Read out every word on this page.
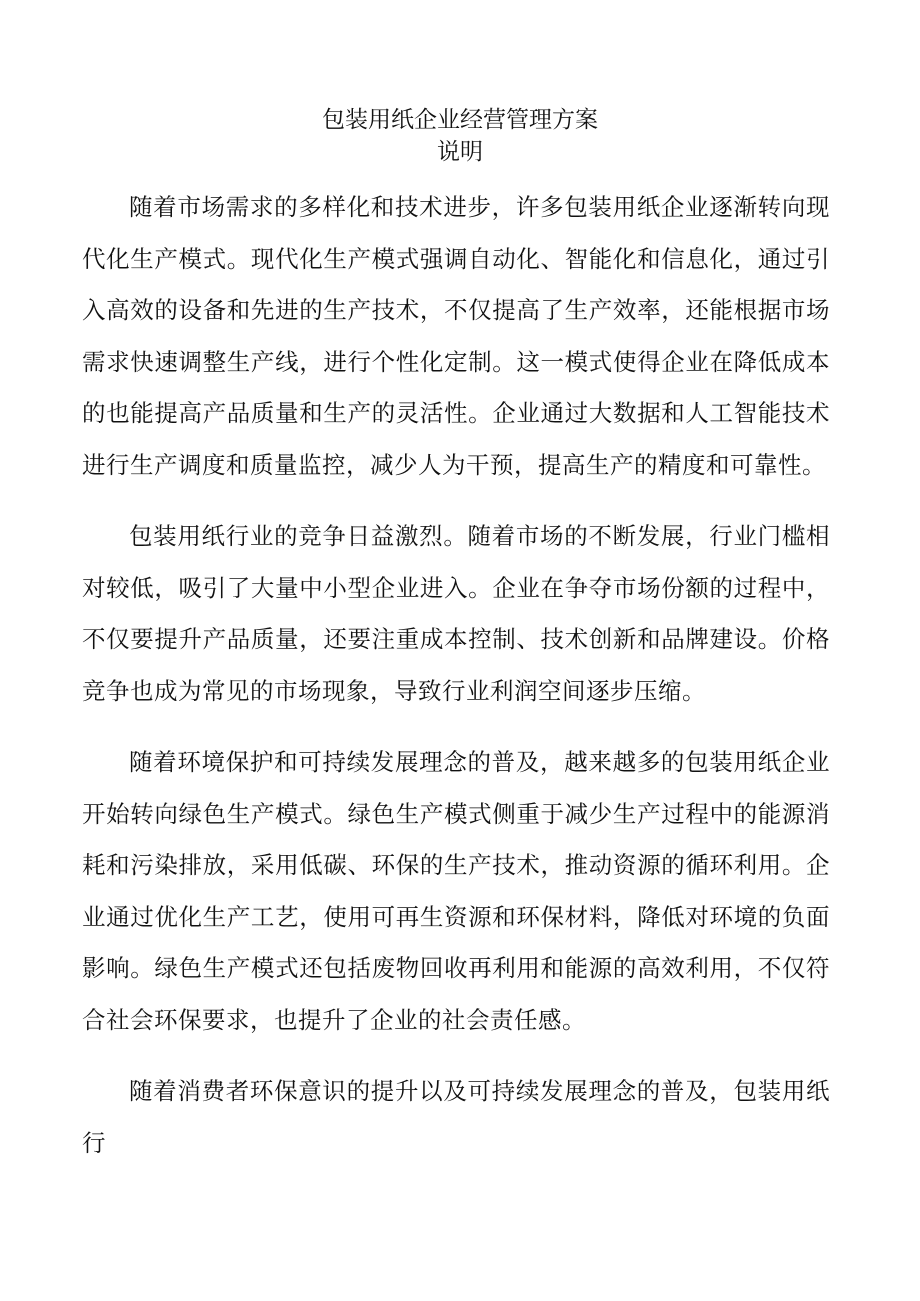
包装用纸企业经营管理方案
说明

随着市场需求的多样化和技术进步，许多包装用纸企业逐渐转向现代化生产模式。现代化生产模式强调自动化、智能化和信息化，通过引入高效的设备和先进的生产技术，不仅提高了生产效率，还能根据市场需求快速调整生产线，进行个性化定制。这一模式使得企业在降低成本的也能提高产品质量和生产的灵活性。企业通过大数据和人工智能技术进行生产调度和质量监控，减少人为干预，提高生产的精度和可靠性。

包装用纸行业的竞争日益激烈。随着市场的不断发展，行业门槛相对较低，吸引了大量中小型企业进入。企业在争夺市场份额的过程中，不仅要提升产品质量，还要注重成本控制、技术创新和品牌建设。价格竞争也成为常见的市场现象，导致行业利润空间逐步压缩。

随着环境保护和可持续发展理念的普及，越来越多的包装用纸企业开始转向绿色生产模式。绿色生产模式侧重于减少生产过程中的能源消耗和污染排放，采用低碳、环保的生产技术，推动资源的循环利用。企业通过优化生产工艺，使用可再生资源和环保材料，降低对环境的负面影响。绿色生产模式还包括废物回收再利用和能源的高效利用，不仅符合社会环保要求，也提升了企业的社会责任感。

随着消费者环保意识的提升以及可持续发展理念的普及，包装用纸行
